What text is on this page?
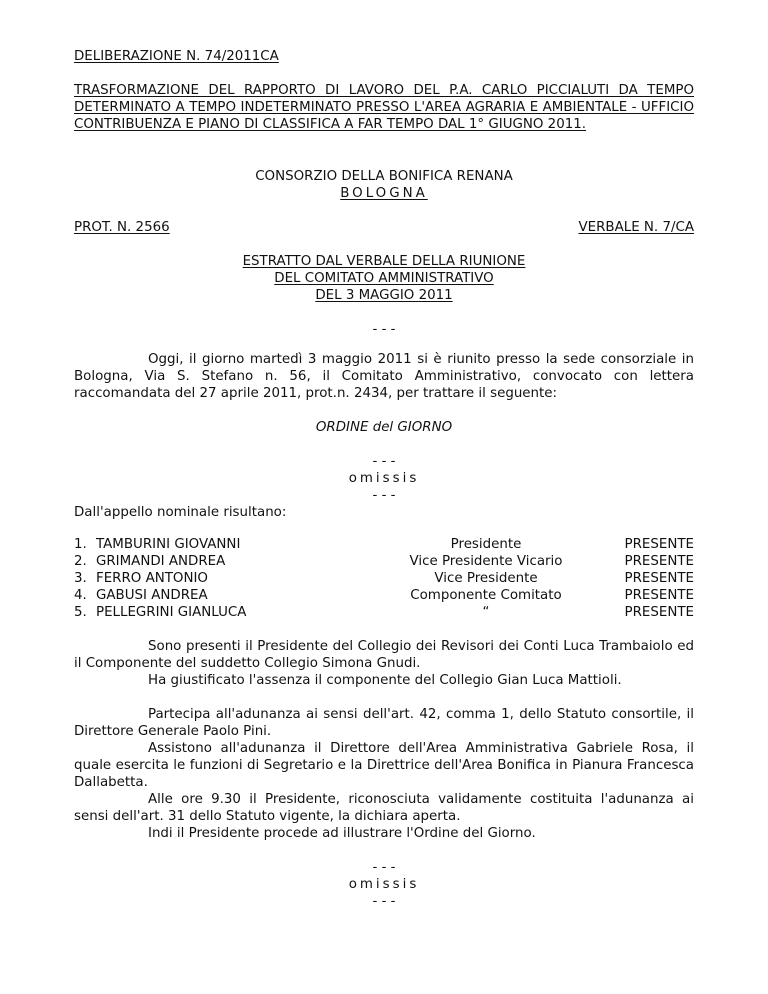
DELIBERAZIONE N. 74/2011CA
TRASFORMAZIONE DEL RAPPORTO DI LAVORO DEL P.A. CARLO PICCIALUTI DA TEMPO DETERMINATO A TEMPO INDETERMINATO PRESSO L'AREA AGRARIA E AMBIENTALE - UFFICIO CONTRIBUENZA E PIANO DI CLASSIFICA A FAR TEMPO DAL 1° GIUGNO 2011.
CONSORZIO DELLA BONIFICA RENANA
BOLOGNA
PROT. N. 2566	VERBALE N. 7/CA
ESTRATTO DAL VERBALE DELLA RIUNIONE
DEL COMITATO AMMINISTRATIVO
DEL 3 MAGGIO 2011
- - -
Oggi, il giorno martedì 3 maggio 2011 si è riunito presso la sede consorziale in Bologna, Via S. Stefano n. 56, il Comitato Amministrativo, convocato con lettera raccomandata del 27 aprile 2011, prot.n. 2434, per trattare il seguente:
ORDINE del GIORNO
- - -
omissis
- - -
Dall'appello nominale risultano:
1. TAMBURINI GIOVANNI	Presidente	PRESENTE
2. GRIMANDI ANDREA	Vice Presidente Vicario	PRESENTE
3. FERRO ANTONIO	Vice Presidente	PRESENTE
4. GABUSI ANDREA	Componente Comitato	PRESENTE
5. PELLEGRINI GIANLUCA	“	PRESENTE
Sono presenti il Presidente del Collegio dei Revisori dei Conti Luca Trambaiolo ed il Componente del suddetto Collegio Simona Gnudi.
Ha giustificato l'assenza il componente del Collegio Gian Luca Mattioli.
Partecipa all'adunanza ai sensi dell'art. 42, comma 1, dello Statuto consortile, il Direttore Generale Paolo Pini.
Assistono all'adunanza il Direttore dell'Area Amministrativa Gabriele Rosa, il quale esercita le funzioni di Segretario e la Direttrice dell'Area Bonifica in Pianura Francesca Dallabetta.
Alle ore 9.30 il Presidente, riconosciuta validamente costituita l'adunanza ai sensi dell'art. 31 dello Statuto vigente, la dichiara aperta.
Indi il Presidente procede ad illustrare l'Ordine del Giorno.
- - -
omissis
- - -
